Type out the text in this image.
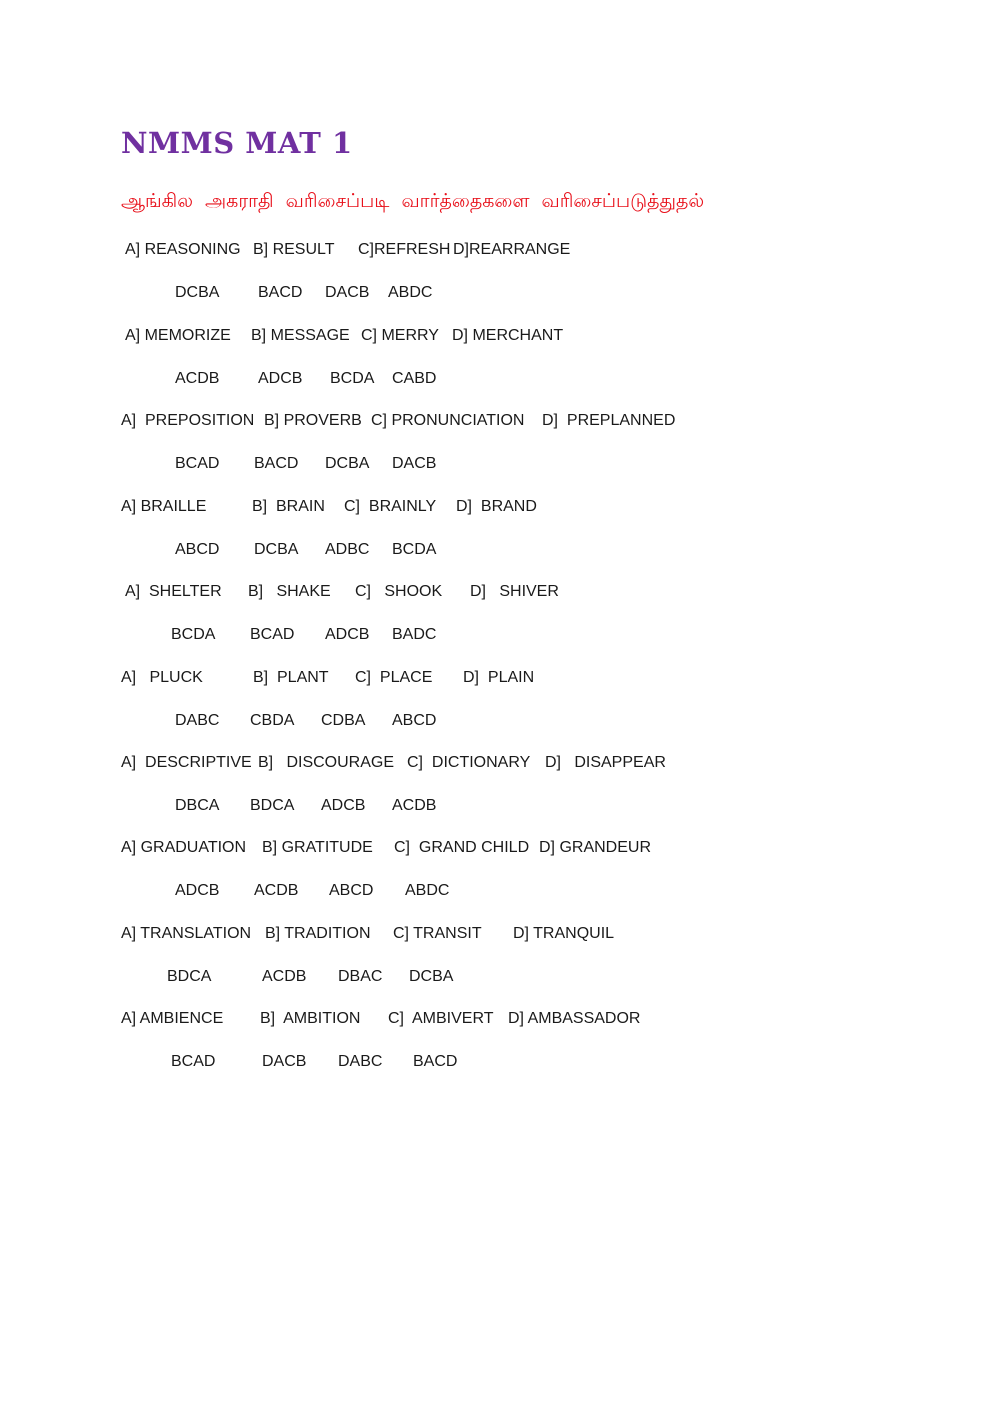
NMMS MAT 1
ஆங்கில அகராதி வரிசைப்படி வார்த்தைகளை வரிசைப்படுத்துதல்
A] REASONING B] RESULT C]REFRESH D]REARRANGE
DCBA BACD DACB ABDC
A] MEMORIZE B] MESSAGE C] MERRY D] MERCHANT
ACDB ADCB BCDA CABD
A]  PREPOSITION B] PROVERB C] PRONUNCIATION D]  PREPLANNED
BCAD BACD DCBA DACB
A] BRAILLE	B]  BRAIN C]  BRAINLY D]  BRAND
ABCD DCBA ADBC BCDA
A]  SHELTER B]   SHAKE C]   SHOOK D]   SHIVER
BCDA BCAD ADCB BADC
A]   PLUCK	B]  PLANT C]  PLACE D]  PLAIN
DABC CBDA CDBA ABCD
A]  DESCRIPTIVE B]   DISCOURAGE C]  DICTIONARY D]   DISAPPEAR
DBCA BDCA ADCB ACDB
A] GRADUATION B] GRATITUDE C]  GRAND CHILD D] GRANDEUR
ADCB ACDB ABCD ABDC
A] TRANSLATION B] TRADITION C] TRANSIT D] TRANQUIL
BDCA	ACDB DBAC DCBA
A] AMBIENCE B]  AMBITION C]  AMBIVERT D] AMBASSADOR
BCAD	DACB DABC BACD
